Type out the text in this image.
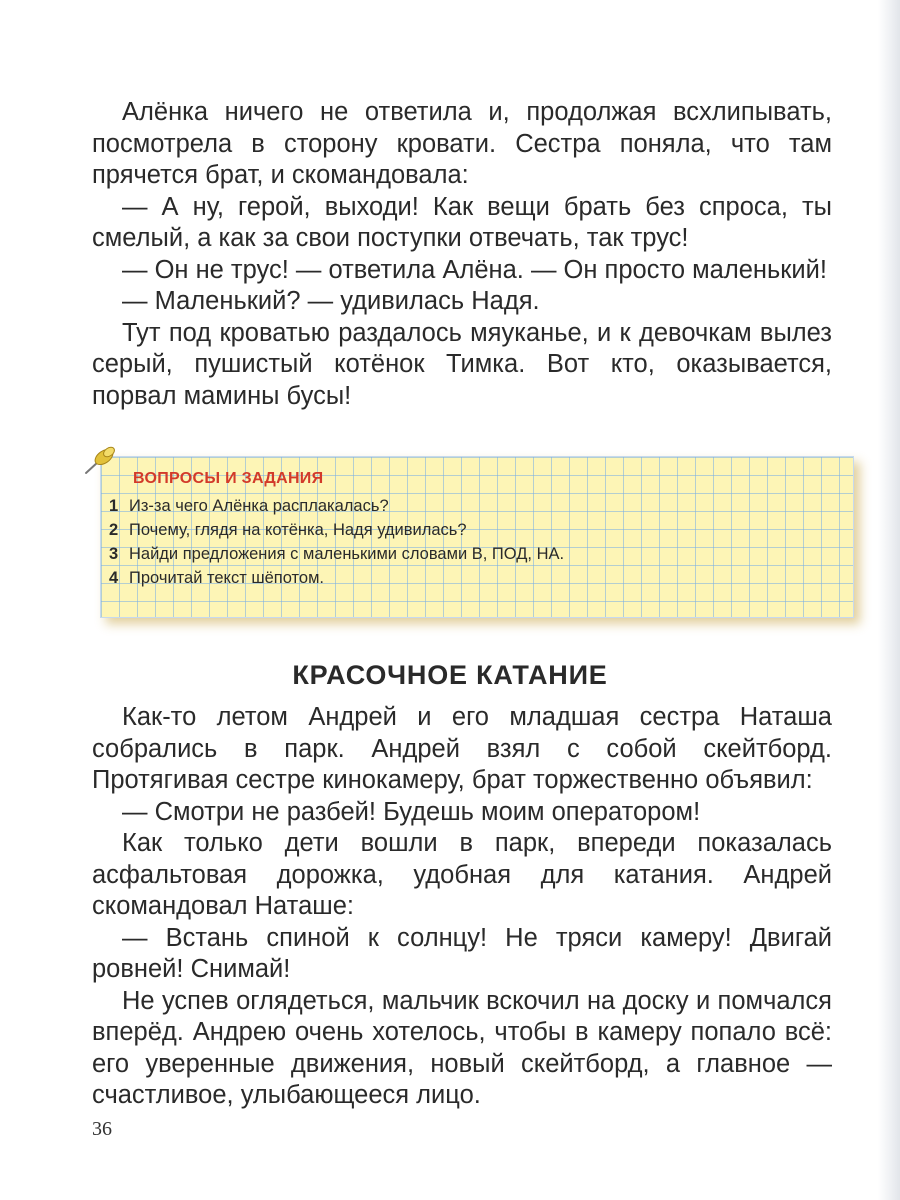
Алёнка ничего не ответила и, продолжая всхлипывать, посмотрела в сторону кровати. Сестра поняла, что там прячется брат, и скомандовала:

— А ну, герой, выходи! Как вещи брать без спроса, ты смелый, а как за свои поступки отвечать, так трус!

— Он не трус! — ответила Алёна. — Он просто маленький!

— Маленький? — удивилась Надя.

Тут под кроватью раздалось мяуканье, и к девочкам вылез серый, пушистый котёнок Тимка. Вот кто, оказывается, порвал мамины бусы!

ВОПРОСЫ И ЗАДАНИЯ
1 Из-за чего Алёнка расплакалась?
2 Почему, глядя на котёнка, Надя удивилась?
3 Найди предложения с маленькими словами В, ПОД, НА.
4 Прочитай текст шёпотом.
КРАСОЧНОЕ КАТАНИЕ

Как-то летом Андрей и его младшая сестра Наташа собрались в парк. Андрей взял с собой скейтборд. Протягивая сестре кинокамеру, брат торжественно объявил:

— Смотри не разбей! Будешь моим оператором!

Как только дети вошли в парк, впереди показалась асфальтовая дорожка, удобная для катания. Андрей скомандовал Наташе:

— Встань спиной к солнцу! Не тряси камеру! Двигай ровней! Снимай!

Не успев оглядеться, мальчик вскочил на доску и помчался вперёд. Андрею очень хотелось, чтобы в камеру попало всё: его уверенные движения, новый скейтборд, а главное — счастливое, улыбающееся лицо.

36
